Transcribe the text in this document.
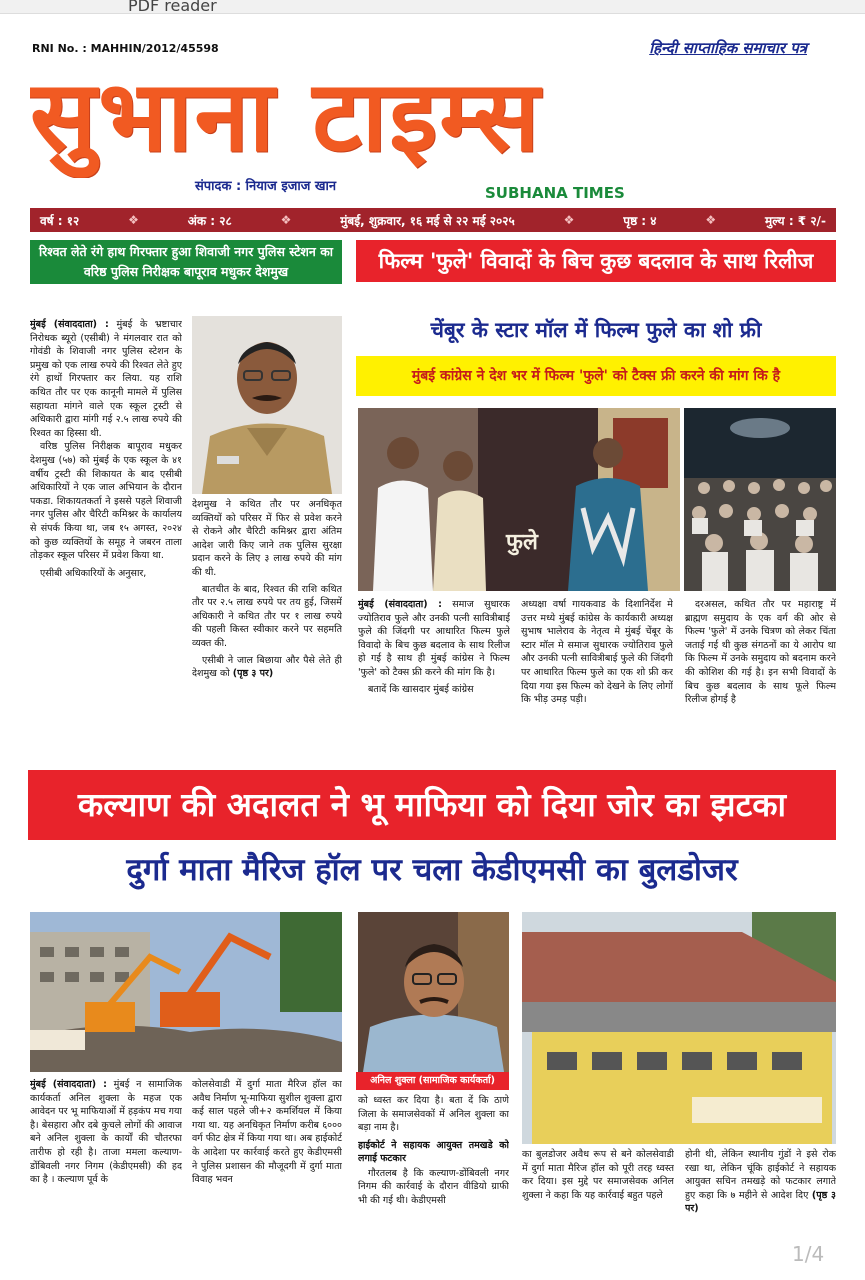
PDF reader
RNI No. : MAHHIN/2012/45598	हिन्दी साप्ताहिक समाचार पत्र
सुभाना टाइम्स
संपादक : नियाज इजाज खान	SUBHANA TIMES
वर्ष : १२	❖	अंक : २८	❖	मुंबई, शुक्रवार, १६ मई से २२ मई २०२५	❖	पृष्ठ : ४	❖	मुल्य : ₹ २/-
रिश्वत लेते रंगे हाथ गिरफ्तार हुआ शिवाजी नगर पुलिस स्टेशन का वरिष्ठ पुलिस निरीक्षक बापूराव मधुकर देशमुख

मुंबई (संवाददाता) : मुंबई के भ्रष्टाचार निरोधक ब्यूरो (एसीबी) ने मंगलवार रात को गोवंडी के शिवाजी नगर पुलिस स्टेशन के प्रमुख को एक लाख रुपये की रिश्वत लेते हुए रंगे हाथों गिरफ्तार कर लिया. यह राशि कथित तौर पर एक कानूनी मामले में पुलिस सहायता मांगने वाले एक स्कूल ट्रस्टी से अधिकारी द्वारा मांगी गई २.५ लाख रुपये की रिश्वत का हिस्सा थी.

वरिष्ठ पुलिस निरीक्षक बापूराव मधुकर देशमुख (५७) को मुंबई के एक स्कूल के ४१ वर्षीय ट्रस्टी की शिकायत के बाद एसीबी अधिकारियों ने एक जाल अभियान के दौरान पकडा. शिकायतकर्ता ने इससे पहले शिवाजी नगर पुलिस और चैरिटी कमिश्नर के कार्यालय से संपर्क किया था, जब १५ अगस्त, २०२४ को कुछ व्यक्तियों के समूह ने जबरन ताला तोड़कर स्कूल परिसर में प्रवेश किया था.

एसीबी अधिकारियों के अनुसार,

देशमुख ने कथित तौर पर अनधिकृत व्यक्तियों को परिसर में फिर से प्रवेश करने से रोकने और चैरिटी कमिश्नर द्वारा अंतिम आदेश जारी किए जाने तक पुलिस सुरक्षा प्रदान करने के लिए ३ लाख रुपये की मांग की थी.

बातचीत के बाद, रिश्वत की राशि कथित तौर पर २.५ लाख रुपये पर तय हुई, जिसमें अधिकारी ने कथित तौर पर १ लाख रुपये की पहली किस्त स्वीकार करने पर सहमति व्यक्त की.

एसीबी ने जाल बिछाया और पैसे लेते ही देशमुख को (पृष्ठ ३ पर)

फिल्म 'फुले' विवादों के बिच कुछ बदलाव के साथ रिलीज
चेंबूर के स्टार मॉल में फिल्म फुले का शो फ्री
मुंबई कांग्रेस ने देश भर में फिल्म 'फुले' को टैक्स फ्री करने की मांग कि है
फुले

मुंबई (संवाददाता) : समाज सुधारक ज्योतिराव फुले और उनकी पत्नी सावित्रीबाई फुले की जिंदगी पर आधारित फिल्म फुले विवादो के बिच कुछ बदलाव के साथ रिलीज हो गई है साथ ही मुंबई कांग्रेस ने फिल्म 'फुले' को टैक्स फ्री करने की मांग कि है।

बतादें कि खासदार मुंबई कांग्रेस

अध्यक्षा वर्षा गायकवाड के दिशानिर्देश मे उत्तर मध्ये मुंबई कांग्रेस के कार्यकारी अध्यक्ष सुभाष भालेराव के नेतृत्व मे मुंबई चेंबूर के स्टार मॉल मे समाज सुधारक ज्योतिराव फुले और उनकी पत्नी सावित्रीबाई फुले की जिंदगी पर आधारित फिल्म फुले का एक शो फ्री कर दिया गया इस फिल्म को देखने के लिए लोगों कि भीड़ उमड़ पड़ी।

दरअसल, कथित तौर पर महाराष्ट्र में ब्राह्मण समुदाय के एक वर्ग की ओर से फिल्म 'फुले' में उनके चित्रण को लेकर चिंता जताई गई थी कुछ संगठनों का ये आरोप था कि फिल्म में उनके समुदाय को बदनाम करने की कोशिश की गई है। इन सभी विवादों के बिच कुछ बदलाव के साथ फूले फिल्म रिलीज होगई है

कल्याण की अदालत ने भू माफिया को दिया जोर का झटका
दुर्गा माता मैरिज हॉल पर चला केडीएमसी का बुलडोजर
अनिल शुक्ला (सामाजिक कार्यकर्ता)

मुंबई (संवाददाता) : मुंबई न सामाजिक कार्यकर्ता अनिल शुक्ला के महज एक आवेदन पर भू माफियाओं में हड़कंप मच गया है। बेसहारा और दबे कुचले लोगों की आवाज बने अनिल शुक्ला के कार्यों की चौतरफा तारीफ हो रही है। ताजा ममला कल्याण-डोंबिवली नगर निगम (केडीएमसी) की हद का है । कल्याण पूर्व के

कोलसेवाडी में दुर्गा माता मैरिज हॉल का अवैध निर्माण भू-माफिया सुशील शुक्ला द्वारा कई साल पहले जी+२ कमर्शियल में किया गया था. यह अनधिकृत निर्माण करीब ६००० वर्ग फीट क्षेत्र में किया गया था। अब हाईकोर्ट के आदेशा पर कार्रवाई करते हुए केडीएमसी ने पुलिस प्रशासन की मौजूदगी में दुर्गा माता विवाह भवन

को ध्वस्त कर दिया है। बता दें कि ठाणे जिला के समाजसेवकों में अनिल शुक्ला का बड़ा नाम है।

हाईकोर्ट ने सहायक आयुक्त तमखडे को लगाई फटकार

गौरतलब है कि कल्याण-डोंबिवली नगर निगम की कार्रवाई के दौरान वीडियो ग्राफी भी की गई थी। केडीएमसी

का बुलडोजर अवैध रूप से बने कोलसेवाडी में दुर्गा माता मैरिज हॉल को पूरी तरह ध्वस्त कर दिया। इस मुद्दे पर समाजसेवक अनिल शुक्ला ने कहा कि यह कार्रवाई बहुत पहले

होनी थी, लेकिन स्थानीय गुंडों ने इसे रोक रखा था, लेकिन चूंकि हाईकोर्ट ने सहायक आयुक्त सचिन तमखड़े को फटकार लगाते हुए कहा कि ७ महीने से आदेश दिए (पृष्ठ ३ पर)

1/4
